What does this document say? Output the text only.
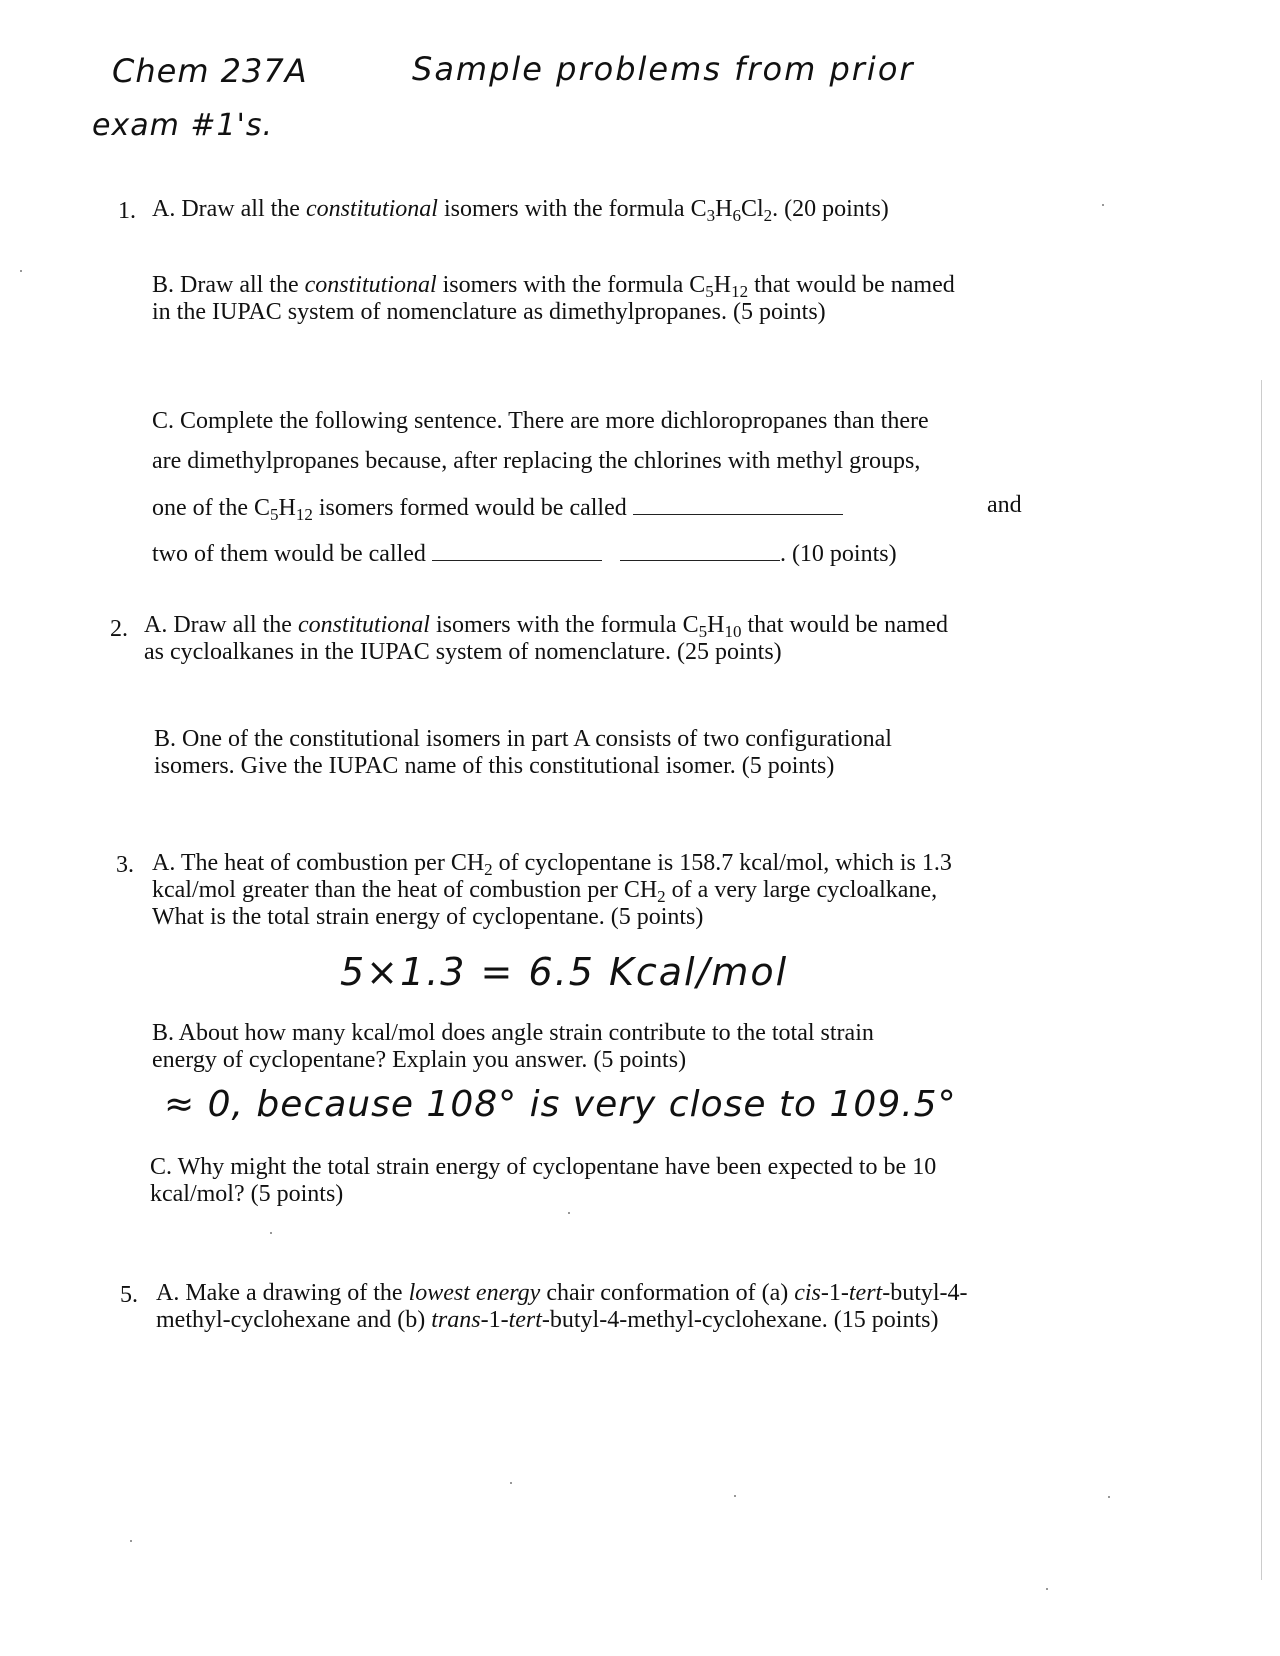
Chem 237A	Sample problems from prior
exam #1's.
1. A. Draw all the constitutional isomers with the formula $C_3H_6Cl_2$. (20 points)
B. Draw all the constitutional isomers with the formula $C_5H_{12}$ that would be named
in the IUPAC system of nomenclature as dimethylpropanes. (5 points)
C. Complete the following sentence. There are more dichloropropanes than there
are dimethylpropanes because, after replacing the chlorines with methyl groups,
one of the $C_5H_{12}$ isomers formed would be called	and
two of them would be called	. (10 points)
2. A. Draw all the constitutional isomers with the formula $C_5H_{10}$ that would be named
as cycloalkanes in the IUPAC system of nomenclature. (25 points)
B. One of the constitutional isomers in part A consists of two configurational
isomers. Give the IUPAC name of this constitutional isomer. (5 points)
3. A. The heat of combustion per $CH_2$ of cyclopentane is 158.7 kcal/mol, which is 1.3
kcal/mol greater than the heat of combustion per $CH_2$ of a very large cycloalkane,
What is the total strain energy of cyclopentane. (5 points)
5×1.3 = 6.5 Kcal/mol
B. About how many kcal/mol does angle strain contribute to the total strain
energy of cyclopentane? Explain you answer. (5 points)
≈ 0, because 108° is very close to 109.5°
C. Why might the total strain energy of cyclopentane have been expected to be 10
kcal/mol? (5 points)
5. A. Make a drawing of the lowest energy chair conformation of (a) cis-1-tert-butyl-4-
methyl-cyclohexane and (b) trans-1-tert-butyl-4-methyl-cyclohexane. (15 points)
